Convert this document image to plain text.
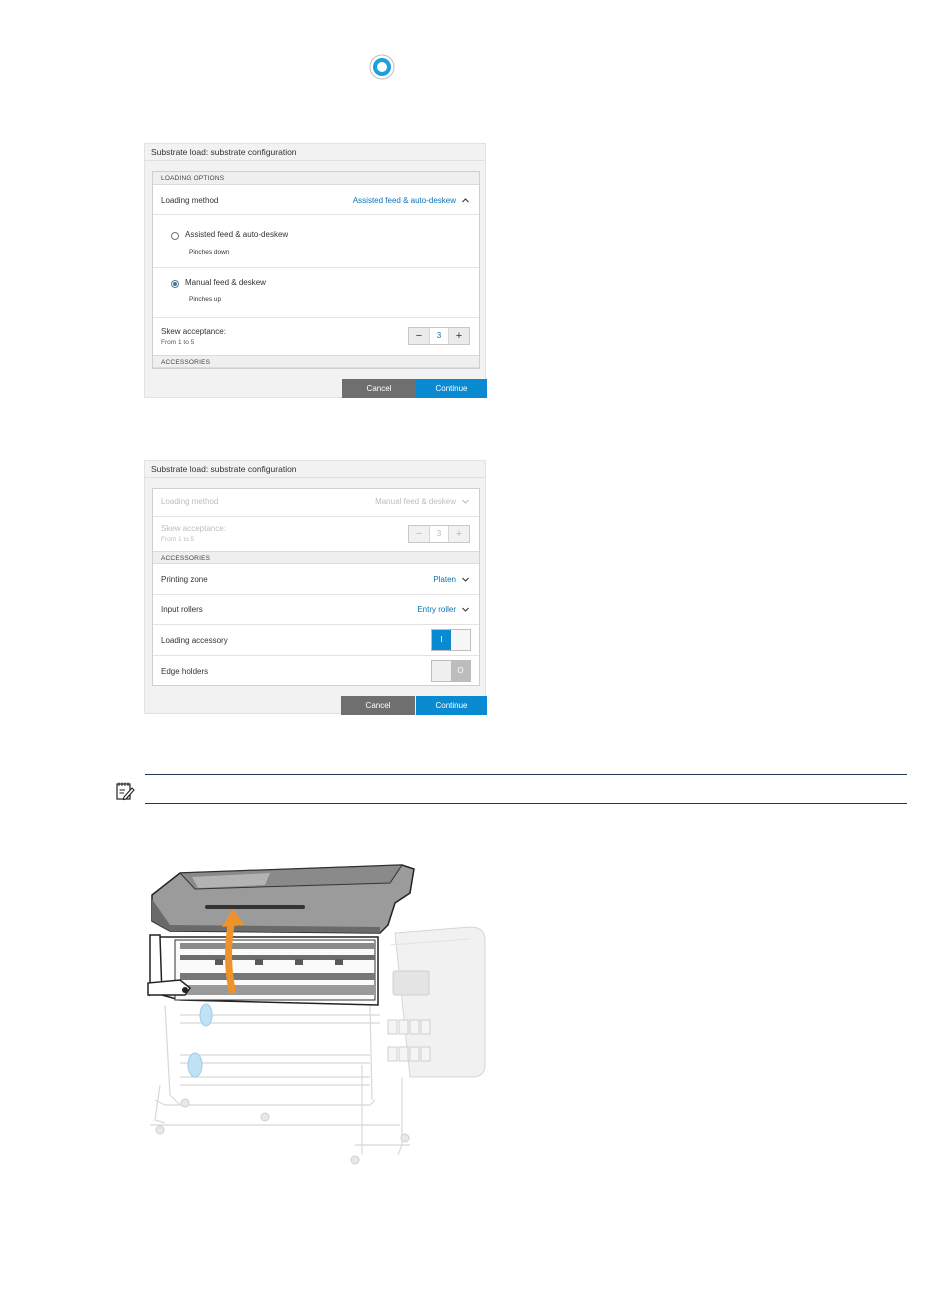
Substrate load: substrate configuration
LOADING OPTIONS
Loading method	Assisted feed & auto-deskew
Assisted feed & auto-deskew
Pinches down
Manual feed & deskew
Pinches up
Skew acceptance:
From 1 to 5
−	3	+
ACCESSORIES
Cancel	Continue
Substrate load: substrate configuration
Loading method	Manual feed & deskew
Skew acceptance:
From 1 to 5	−	3	+
ACCESSORIES
Printing zone	Platen
Input rollers	Entry roller
Loading accessory	I
Edge holders	O
Cancel	Continue
